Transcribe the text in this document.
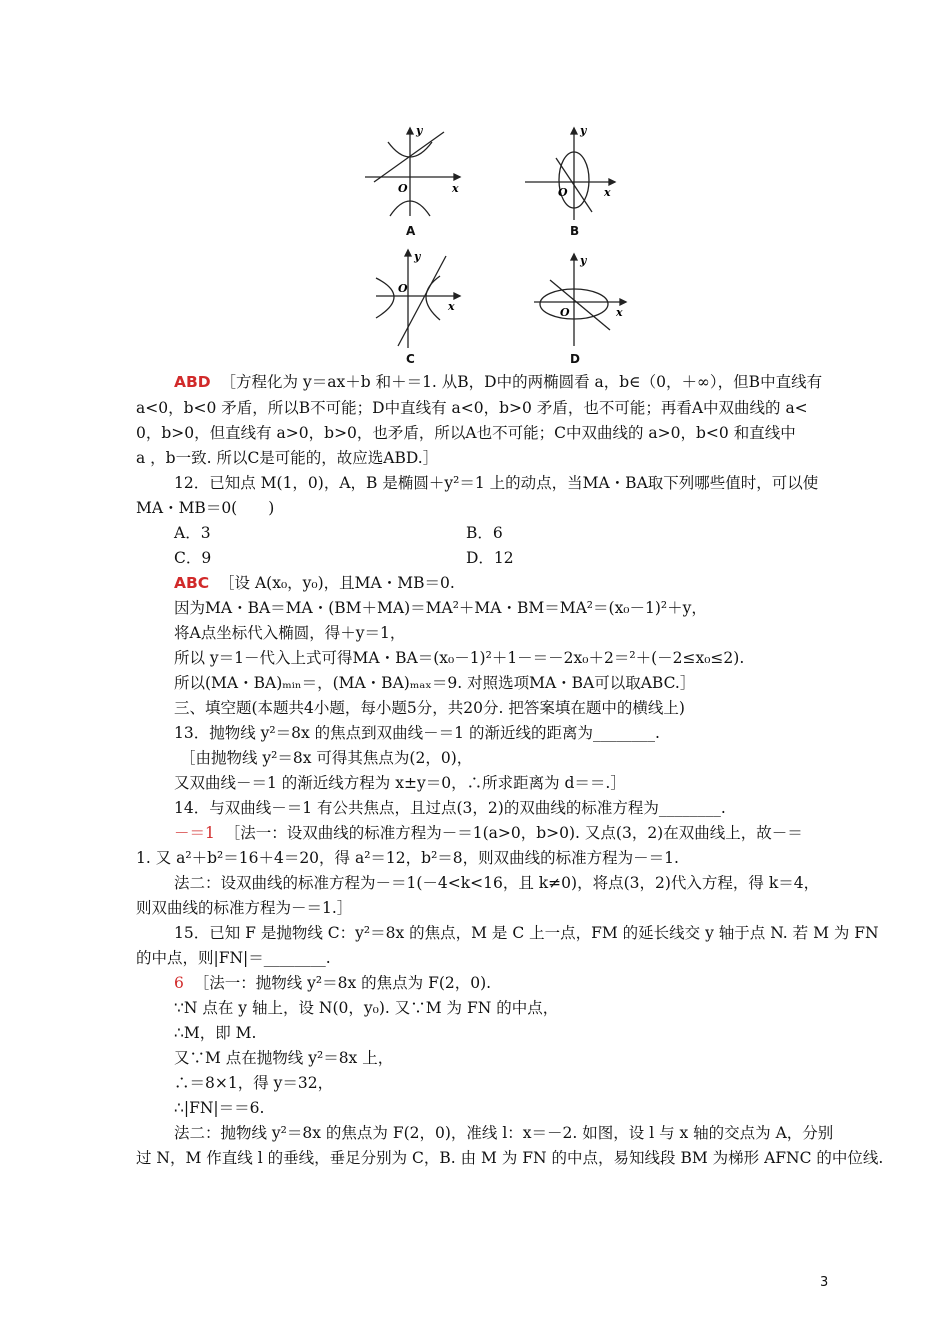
y
x
O
A
y
x
O
B
y
x
O
C
y
x
O
D
ABD ［方程化为 y＝ax＋b 和＋＝1. 从B，D中的两椭圆看 a，b∈（0，＋∞），但B中直线有
a<0，b<0 矛盾，所以B不可能；D中直线有 a<0，b>0 矛盾，也不可能；再看A中双曲线的 a<
0，b>0，但直线有 a>0，b>0，也矛盾，所以A也不可能；C中双曲线的 a>0，b<0 和直线中
a ，b一致. 所以C是可能的，故应选ABD.］
12．已知点 M(1，0)，A，B 是椭圆＋y²＝1 上的动点，当MA・BA取下列哪些值时，可以使
MA・MB＝0(　　)
A．3	B．6
C．9	D．12
ABC ［设 A(x₀，y₀)，且MA・MB＝0.
因为MA・BA＝MA・(BM＋MA)＝MA²＋MA・BM＝MA²＝(x₀－1)²＋y，
将A点坐标代入椭圆，得＋y＝1，
所以 y＝1－代入上式可得MA・BA＝(x₀－1)²＋1－＝－2x₀＋2＝²＋(－2≤x₀≤2).
所以(MA・BA)ₘᵢₙ＝，(MA・BA)ₘₐₓ＝9. 对照选项MA・BA可以取ABC.］
三、填空题(本题共4小题，每小题5分，共20分. 把答案填在题中的横线上)
13．抛物线 y²＝8x 的焦点到双曲线－＝1 的渐近线的距离为________.
［由抛物线 y²＝8x 可得其焦点为(2，0)，
又双曲线－＝1 的渐近线方程为 x±y＝0，∴所求距离为 d＝＝.］
14．与双曲线－＝1 有公共焦点，且过点(3，2)的双曲线的标准方程为________.
－＝1 ［法一：设双曲线的标准方程为－＝1(a>0，b>0). 又点(3，2)在双曲线上，故－＝
1. 又 a²＋b²＝16＋4＝20，得 a²＝12，b²＝8，则双曲线的标准方程为－＝1.
法二：设双曲线的标准方程为－＝1(－4<k<16，且 k≠0)，将点(3，2)代入方程，得 k＝4，
则双曲线的标准方程为－＝1.］
15．已知 F 是抛物线 C：y²＝8x 的焦点，M 是 C 上一点，FM 的延长线交 y 轴于点 N. 若 M 为 FN
的中点，则|FN|＝________.
6 ［法一：抛物线 y²＝8x 的焦点为 F(2，0).
∵N 点在 y 轴上，设 N(0，y₀). 又∵M 为 FN 的中点，
∴M，即 M.
又∵M 点在抛物线 y²＝8x 上，
∴＝8×1，得 y＝32，
∴|FN|＝＝6.
法二：抛物线 y²＝8x 的焦点为 F(2，0)，准线 l：x＝－2. 如图，设 l 与 x 轴的交点为 A，分别
过 N，M 作直线 l 的垂线，垂足分别为 C，B. 由 M 为 FN 的中点，易知线段 BM 为梯形 AFNC 的中位线.
3
